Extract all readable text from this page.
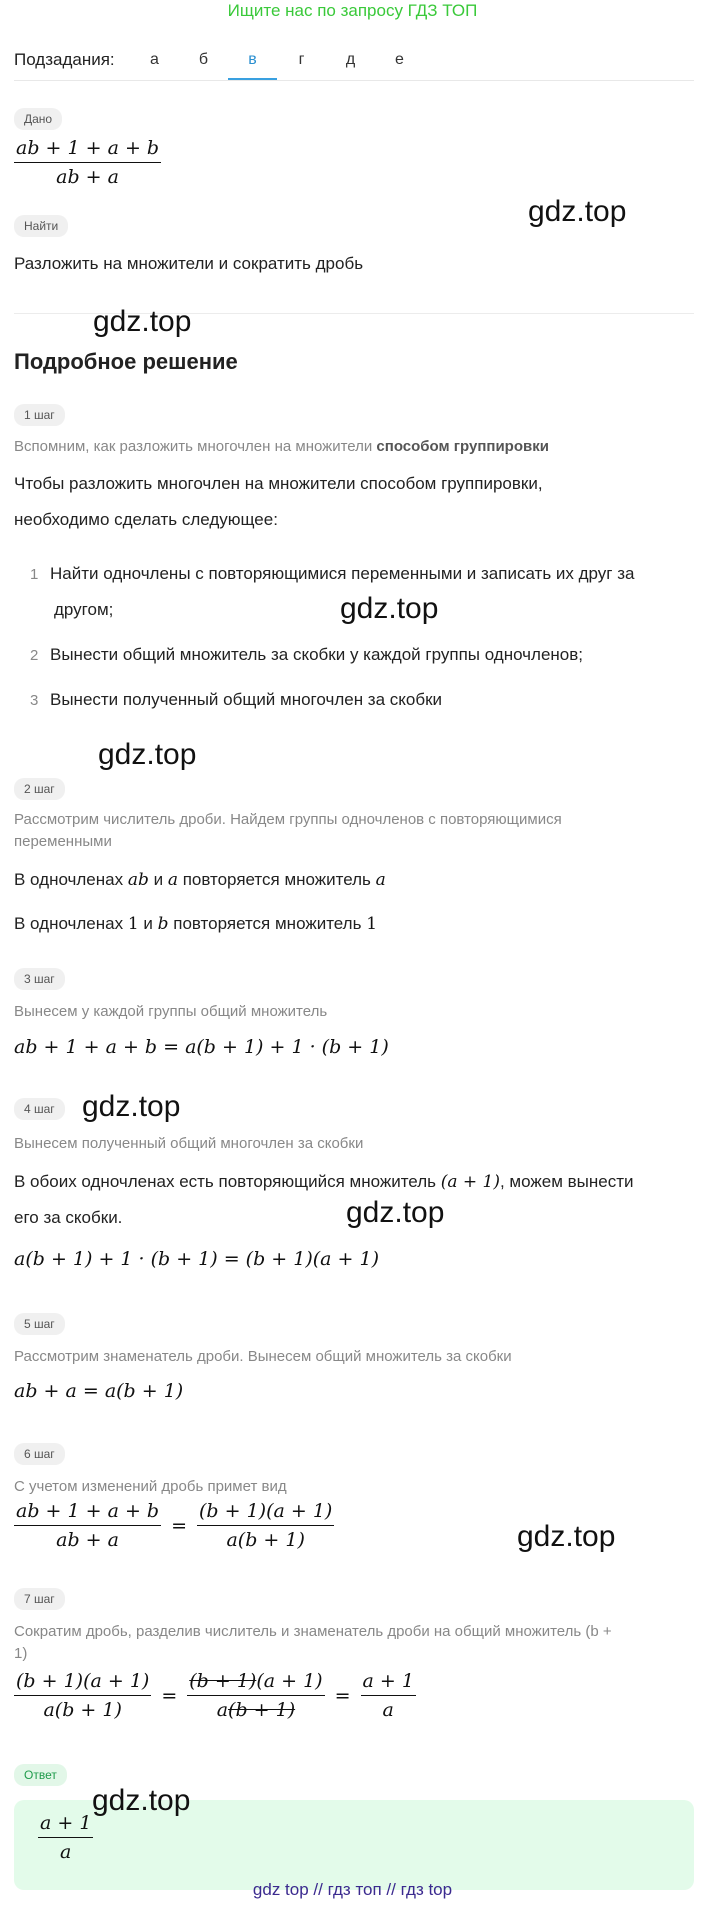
Ищите нас по запросу ГДЗ ТОП
Подзадания:	а	б	в	г	д	е
Дано
$\frac{ab + 1 + a + b}{ab + a}$
gdz.top
Найти
Разложить на множители и сократить дробь
gdz.top
Подробное решение
1 шаг
Вспомним, как разложить многочлен на множители способом группировки
Чтобы разложить многочлен на множители способом группировки,
необходимо сделать следующее:
1 Найти одночлены с повторяющимися переменными и записать их друг за
другом;	gdz.top
2 Вынести общий множитель за скобки у каждой группы одночленов;
3 Вынести полученный общий многочлен за скобки
gdz.top
2 шаг
Рассмотрим числитель дроби. Найдем группы одночленов с повторяющимися
переменными
В одночленах ab и a повторяется множитель a
В одночленах 1 и b повторяется множитель 1
3 шаг
Вынесем у каждой группы общий множитель
ab + 1 + a + b = a(b + 1) + 1 · (b + 1)
4 шаг gdz.top
Вынесем полученный общий многочлен за скобки
В обоих одночленах есть повторяющийся множитель (a + 1), можем вынести
его за скобки.	gdz.top
a(b + 1) + 1 · (b + 1) = (b + 1)(a + 1)
5 шаг
Рассмотрим знаменатель дроби. Вынесем общий множитель за скобки
ab + a = a(b + 1)
6 шаг
С учетом изменений дробь примет вид
$\frac{ab + 1 + a + b}{ab + a} = \frac{(b + 1)(a + 1)}{a(b + 1)}$	gdz.top
7 шаг
Сократим дробь, разделив числитель и знаменатель дроби на общий множитель (b +
1)
$\frac{(b + 1)(a + 1)}{a(b + 1)} = \frac{(b + 1)(a + 1)}{a(b + 1)} = \frac{a + 1}{a}$
Ответ
$\frac{a + 1}{a}$
gdz.top
gdz top // гдз топ // гдз top
